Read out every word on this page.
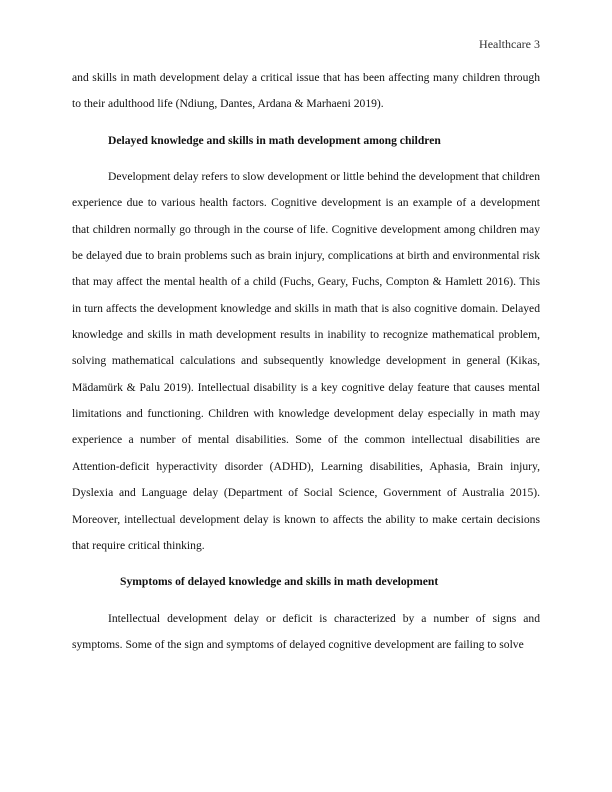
Healthcare 3

and skills in math development delay a critical issue that has been affecting many children through to their adulthood life (Ndiung, Dantes, Ardana & Marhaeni 2019).

Delayed knowledge and skills in math development among children

Development delay refers to slow development or little behind the development that children experience due to various health factors. Cognitive development is an example of a development that children normally go through in the course of life. Cognitive development among children may be delayed due to brain problems such as brain injury, complications at birth and environmental risk that may affect the mental health of a child (Fuchs, Geary, Fuchs, Compton & Hamlett 2016). This in turn affects the development knowledge and skills in math that is also cognitive domain. Delayed knowledge and skills in math development results in inability to recognize mathematical problem, solving mathematical calculations and subsequently knowledge development in general (Kikas, Mädamürk & Palu 2019). Intellectual disability is a key cognitive delay feature that causes mental limitations and functioning. Children with knowledge development delay especially in math may experience a number of mental disabilities. Some of the common intellectual disabilities are Attention-deficit hyperactivity disorder (ADHD), Learning disabilities, Aphasia, Brain injury, Dyslexia and Language delay (Department of Social Science, Government of Australia 2015). Moreover, intellectual development delay is known to affects the ability to make certain decisions that require critical thinking.

Symptoms of delayed knowledge and skills in math development

Intellectual development delay or deficit is characterized by a number of signs and symptoms. Some of the sign and symptoms of delayed cognitive development are failing to solve
